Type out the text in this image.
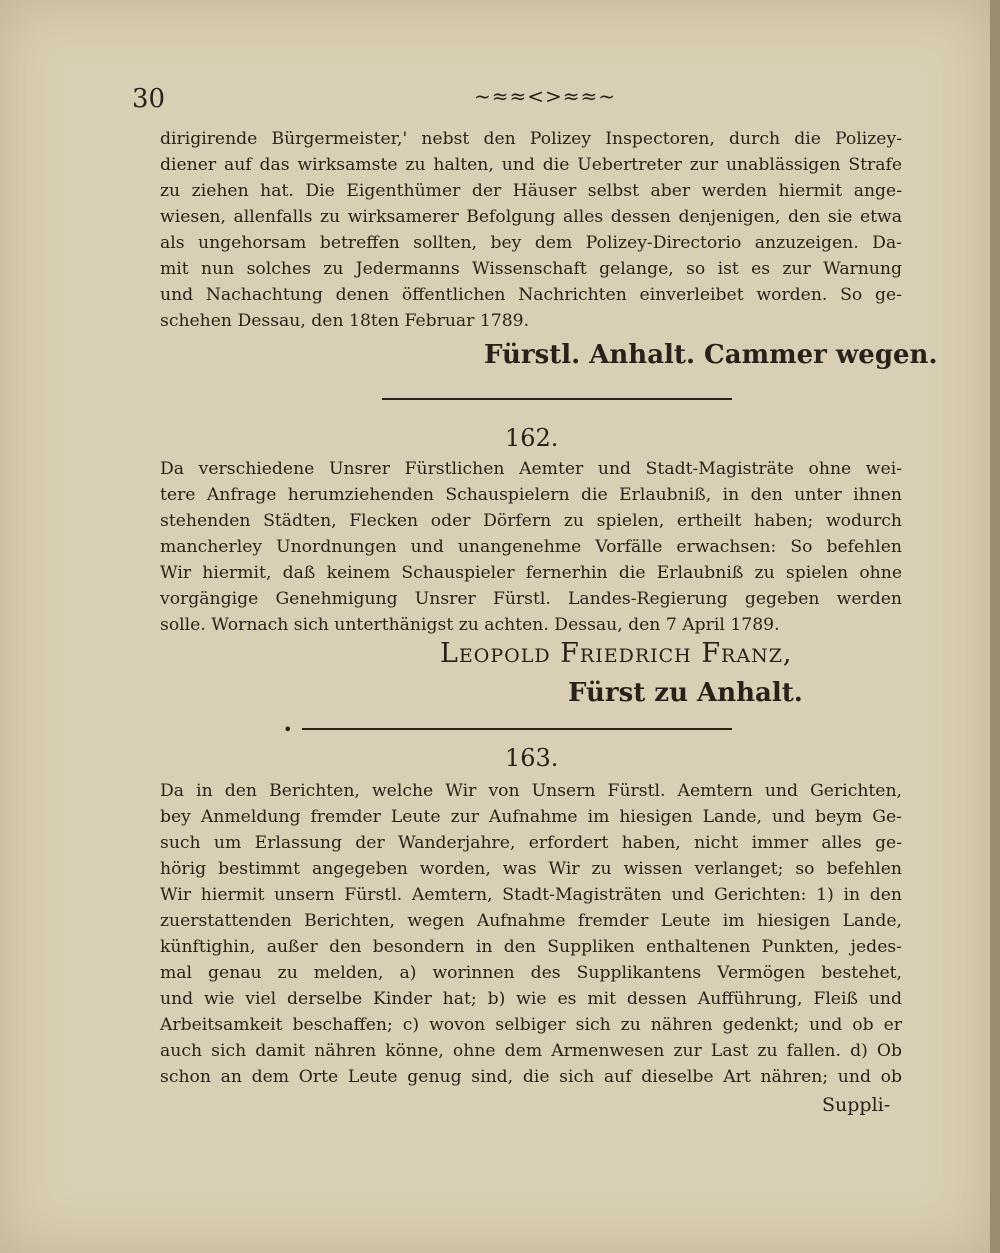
30	~≈≈<>≈≈~

dirigirende Bürgermeister,' nebst den Polizey Inspectoren, durch die Polizey-

diener auf das wirksamste zu halten, und die Uebertreter zur unablässigen Strafe

zu ziehen hat. Die Eigenthümer der Häuser selbst aber werden hiermit ange-

wiesen, allenfalls zu wirksamerer Befolgung alles dessen denjenigen, den sie etwa

als ungehorsam betreffen sollten, bey dem Polizey-Directorio anzuzeigen. Da-

mit nun solches zu Jedermanns Wissenschaft gelange, so ist es zur Warnung

und Nachachtung denen öffentlichen Nachrichten einverleibet worden. So ge-

schehen Dessau, den 18ten Februar 1789.

Fürstl. Anhalt. Cammer wegen.
162.

Da verschiedene Unsrer Fürstlichen Aemter und Stadt-Magisträte ohne wei-

tere Anfrage herumziehenden Schauspielern die Erlaubniß, in den unter ihnen

stehenden Städten, Flecken oder Dörfern zu spielen, ertheilt haben; wodurch

mancherley Unordnungen und unangenehme Vorfälle erwachsen: So befehlen

Wir hiermit, daß keinem Schauspieler fernerhin die Erlaubniß zu spielen ohne

vorgängige Genehmigung Unsrer Fürstl. Landes-Regierung gegeben werden

solle. Wornach sich unterthänigst zu achten. Dessau, den 7 April 1789.

Leopold Friedrich Franz,
Fürst zu Anhalt.
•
163.

Da in den Berichten, welche Wir von Unsern Fürstl. Aemtern und Gerichten,

bey Anmeldung fremder Leute zur Aufnahme im hiesigen Lande, und beym Ge-

such um Erlassung der Wanderjahre, erfordert haben, nicht immer alles ge-

hörig bestimmt angegeben worden, was Wir zu wissen verlanget; so befehlen

Wir hiermit unsern Fürstl. Aemtern, Stadt-Magisträten und Gerichten: 1) in den

zuerstattenden Berichten, wegen Aufnahme fremder Leute im hiesigen Lande,

künftighin, außer den besondern in den Suppliken enthaltenen Punkten, jedes-

mal genau zu melden, a) worinnen des Supplikantens Vermögen bestehet,

und wie viel derselbe Kinder hat; b) wie es mit dessen Aufführung, Fleiß und

Arbeitsamkeit beschaffen; c) wovon selbiger sich zu nähren gedenkt; und ob er

auch sich damit nähren könne, ohne dem Armenwesen zur Last zu fallen. d) Ob

schon an dem Orte Leute genug sind, die sich auf dieselbe Art nähren; und ob

Suppli-
